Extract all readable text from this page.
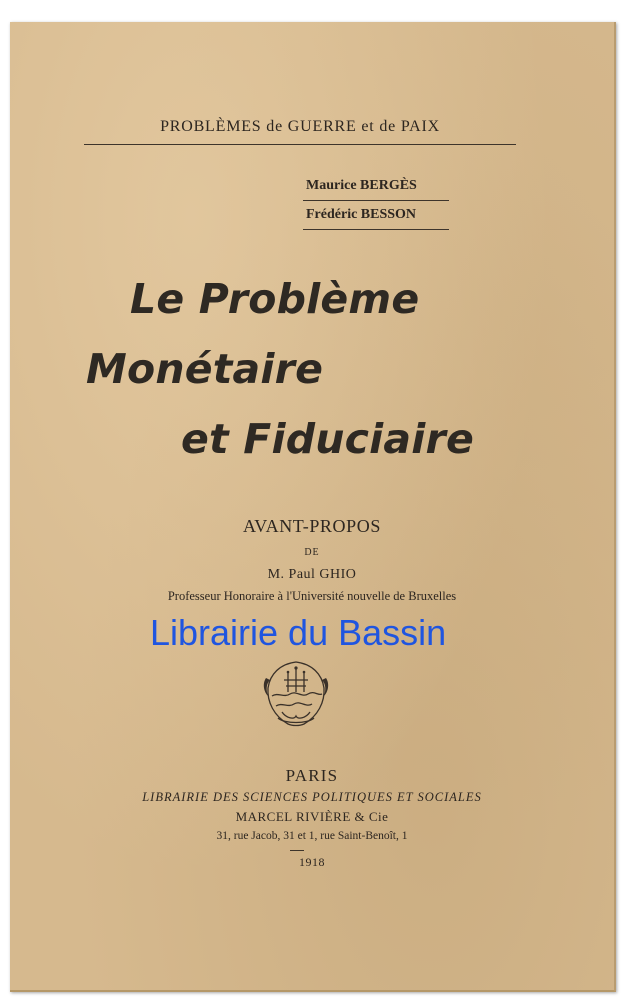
PROBLÈMES de GUERRE et de PAIX
Maurice BERGÈS
Frédéric BESSON
Le Problème
Monétaire
et Fiduciaire
AVANT-PROPOS
DE
M. Paul GHIO
Professeur Honoraire à l'Université nouvelle de Bruxelles
Librairie du Bassin
PARIS
LIBRAIRIE DES SCIENCES POLITIQUES ET SOCIALES
MARCEL RIVIÈRE & Cie
31, rue Jacob, 31 et 1, rue Saint-Benoît, 1
1918
